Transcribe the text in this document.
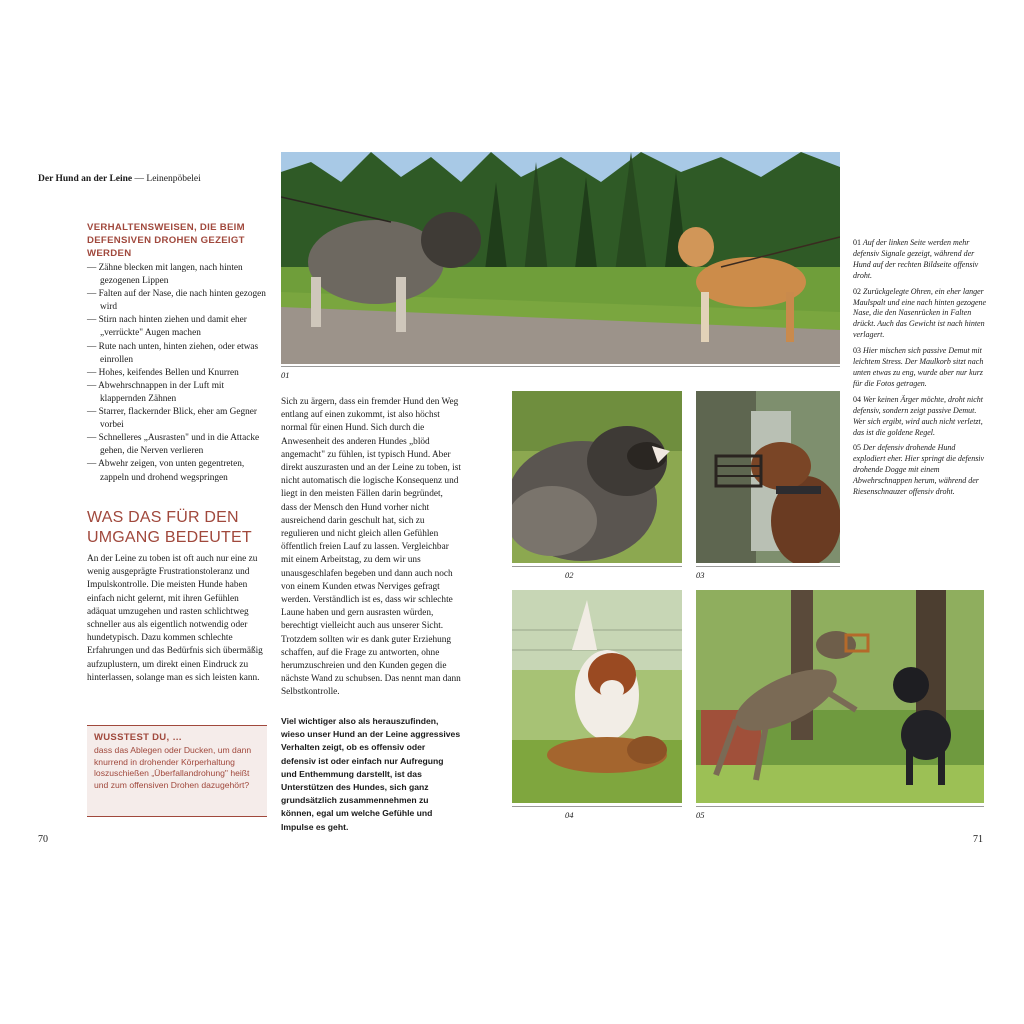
Der Hund an der Leine — Leinenpöbelei
VERHALTENSWEISEN, DIE BEIM DEFENSIVEN DROHEN GEZEIGT WERDEN
— Zähne blecken mit langen, nach hinten gezogenen Lippen
— Falten auf der Nase, die nach hinten gezogen wird
— Stirn nach hinten ziehen und damit eher „verrückte" Augen machen
— Rute nach unten, hinten ziehen, oder etwas einrollen
— Hohes, keifendes Bellen und Knurren
— Abwehrschnappen in der Luft mit klappernden Zähnen
— Starrer, flackernder Blick, eher am Gegner vorbei
— Schnelleres „Ausrasten" und in die Attacke gehen, die Nerven verlieren
— Abwehr zeigen, von unten gegentreten, zappeln und drohend wegspringen
WAS DAS FÜR DEN UMGANG BEDEUTET
An der Leine zu toben ist oft auch nur eine zu wenig ausgeprägte Frustrationstoleranz und Impulskontrolle. Die meisten Hunde haben einfach nicht gelernt, mit ihren Gefühlen adäquat umzugehen und rasten schlichtweg schneller aus als eigentlich notwendig oder hundetypisch. Dazu kommen schlechte Erfahrungen und das Bedürfnis sich übermäßig aufzuplustern, um direkt einen Eindruck zu hinterlassen, solange man es sich leisten kann.
WUSSTEST DU, …
dass das Ablegen oder Ducken, um dann knurrend in drohender Körperhaltung loszuschießen „Überfallandrohung" heißt und zum offensiven Drohen dazugehört?
Sich zu ärgern, dass ein fremder Hund den Weg entlang auf einen zukommt, ist also höchst normal für einen Hund. Sich durch die Anwesenheit des anderen Hundes „blöd angemacht" zu fühlen, ist typisch Hund. Aber direkt auszurasten und an der Leine zu toben, ist nicht automatisch die logische Konsequenz und liegt in den meisten Fällen darin begründet, dass der Mensch den Hund vorher nicht ausreichend darin geschult hat, sich zu regulieren und nicht gleich allen Gefühlen öffentlich freien Lauf zu lassen. Vergleichbar mit einem Arbeitstag, zu dem wir uns unausgeschlafen begeben und dann auch noch von einem Kunden etwas Nerviges gefragt werden. Verständlich ist es, dass wir schlechte Laune haben und gern ausrasten würden, berechtigt vielleicht auch aus unserer Sicht. Trotzdem sollten wir es dank guter Erziehung schaffen, auf die Frage zu antworten, ohne herumzuschreien und den Kunden gegen die nächste Wand zu schubsen. Das nennt man dann Selbstkontrolle.
Viel wichtiger also als herauszufinden, wieso unser Hund an der Leine aggressives Verhalten zeigt, ob es offensiv oder defensiv ist oder einfach nur Aufregung und Enthemmung darstellt, ist das Unterstützen des Hundes, sich ganz grundsätzlich zusammennehmen zu können, egal um welche Gefühle und Impulse es geht.
01
02	03
04	05

01 Auf der linken Seite werden mehr defensiv Signale gezeigt, während der Hund auf der rechten Bildseite offensiv droht.

02 Zurückgelegte Ohren, ein eher langer Maulspalt und eine nach hinten gezogene Nase, die den Nasenrücken in Falten drückt. Auch das Gewicht ist nach hinten verlagert.

03 Hier mischen sich passive Demut mit leichtem Stress. Der Maulkorb sitzt nach unten etwas zu eng, wurde aber nur kurz für die Fotos getragen.

04 Wer keinen Ärger möchte, droht nicht defensiv, sondern zeigt passive Demut. Wer sich ergibt, wird auch nicht verletzt, das ist die goldene Regel.

05 Der defensiv drohende Hund explodiert eher. Hier springt die defensiv drohende Dogge mit einem Abwehrschnappen herum, während der Riesenschnauzer offensiv droht.

70	71
